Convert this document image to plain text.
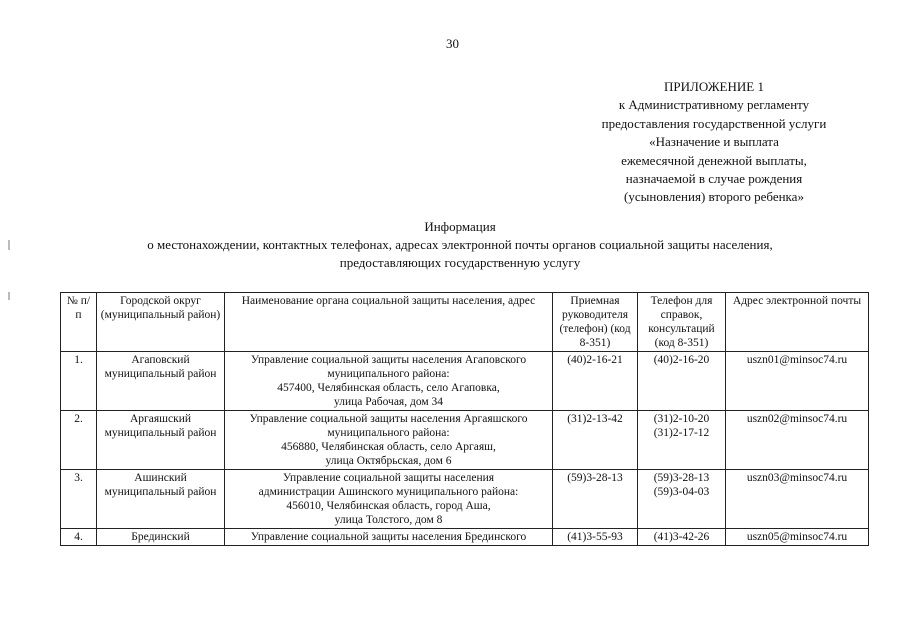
30
ПРИЛОЖЕНИЕ 1
к Административному регламенту
предоставления государственной услуги
«Назначение и выплата
ежемесячной денежной выплаты,
назначаемой в случае рождения
(усыновления) второго ребенка»
Информация
о местонахождении, контактных телефонах, адресах электронной почты органов социальной защиты населения,
предоставляющих государственную услугу
№ п/п	Городской округ (муниципальный район)	Наименование органа социальной защиты населения, адрес	Приемная руководителя (телефон) (код 8-351)	Телефон для справок, консультаций (код 8-351)	Адрес электронной почты
1.	Агаповский муниципальный район	Управление социальной защиты населения Агаповского
муниципального района:
457400, Челябинская область, село Агаповка,
улица Рабочая, дом 34	(40)2-16-21	(40)2-16-20	uszn01@minsoc74.ru
2.	Аргаяшский муниципальный район	Управление социальной защиты населения Аргаяшского
муниципального района:
456880, Челябинская область, село Аргаяш,
улица Октябрьская, дом 6	(31)2-13-42	(31)2-10-20
(31)2-17-12	uszn02@minsoc74.ru
3.	Ашинский муниципальный район	Управление социальной защиты населения
администрации Ашинского муниципального района:
456010, Челябинская область, город Аша,
улица Толстого, дом 8	(59)3-28-13	(59)3-28-13
(59)3-04-03	uszn03@minsoc74.ru
4.	Брединский	Управление социальной защиты населения Брединского	(41)3-55-93	(41)3-42-26	uszn05@minsoc74.ru
